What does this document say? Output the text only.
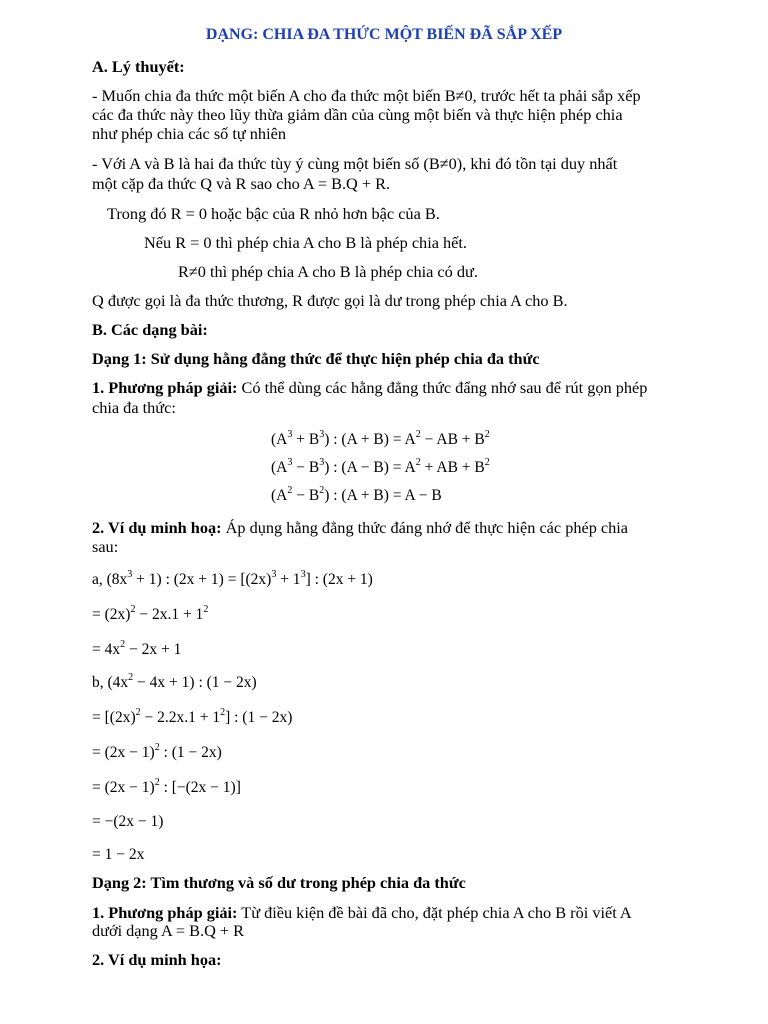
DẠNG: CHIA ĐA THỨC MỘT BIẾN ĐÃ SẮP XẾP
A. Lý thuyết:
- Muốn chia đa thức một biến A cho đa thức một biến B≠0, trước hết ta phải sắp xếp
các đa thức này theo lũy thừa giảm dần của cùng một biến và thực hiện phép chia
như phép chia các số tự nhiên
- Với A và B là hai đa thức tùy ý cùng một biến số (B≠0), khi đó tồn tại duy nhất
một cặp đa thức Q và R sao cho A = B.Q + R.
Trong đó R = 0 hoặc bậc của R nhỏ hơn bậc của B.
Nếu R = 0 thì phép chia A cho B là phép chia hết.
R≠0 thì phép chia A cho B là phép chia có dư.
Q được gọi là đa thức thương, R được gọi là dư trong phép chia A cho B.
B. Các dạng bài:
Dạng 1: Sử dụng hằng đẳng thức để thực hiện phép chia đa thức
1. Phương pháp giải: Có thể dùng các hằng đẳng thức đẩng nhớ sau để rút gọn phép
chia đa thức:
$(A^3 + B^3)$ : $(A + B) = A^2$ − AB + $B^2$
$(A^3 - B^3)$ : $(A - B) = A^2$ + AB + $B^2$
$(A^2 - B^2)$ : (A + B) = A − B
2. Ví dụ minh hoạ: Áp dụng hằng đẳng thức đáng nhớ để thực hiện các phép chia
sau:
a, $(8x^3 + 1)$ : $(2x + 1) = [(2x)^3 + 1^3]$ : (2x + 1)
= $(2x)^2 - 2x.1 + 1^2$
= $4x^2 - 2x + 1$
b, $(4x^2 - 4x + 1)$ : (1 − 2x)
= $[(2x)^2 - 2.2x.1 + 1^2]$ : (1 − 2x)
= $(2x - 1)^2$ : (1 − 2x)
= $(2x - 1)^2$ : [−(2x − 1)]
= −(2x − 1)
= 1 − 2x
Dạng 2: Tìm thương và số dư trong phép chia đa thức
1. Phương pháp giải: Từ điều kiện đề bài đã cho, đặt phép chia A cho B rồi viết A
dưới dạng A = B.Q + R
2. Ví dụ minh họa:
